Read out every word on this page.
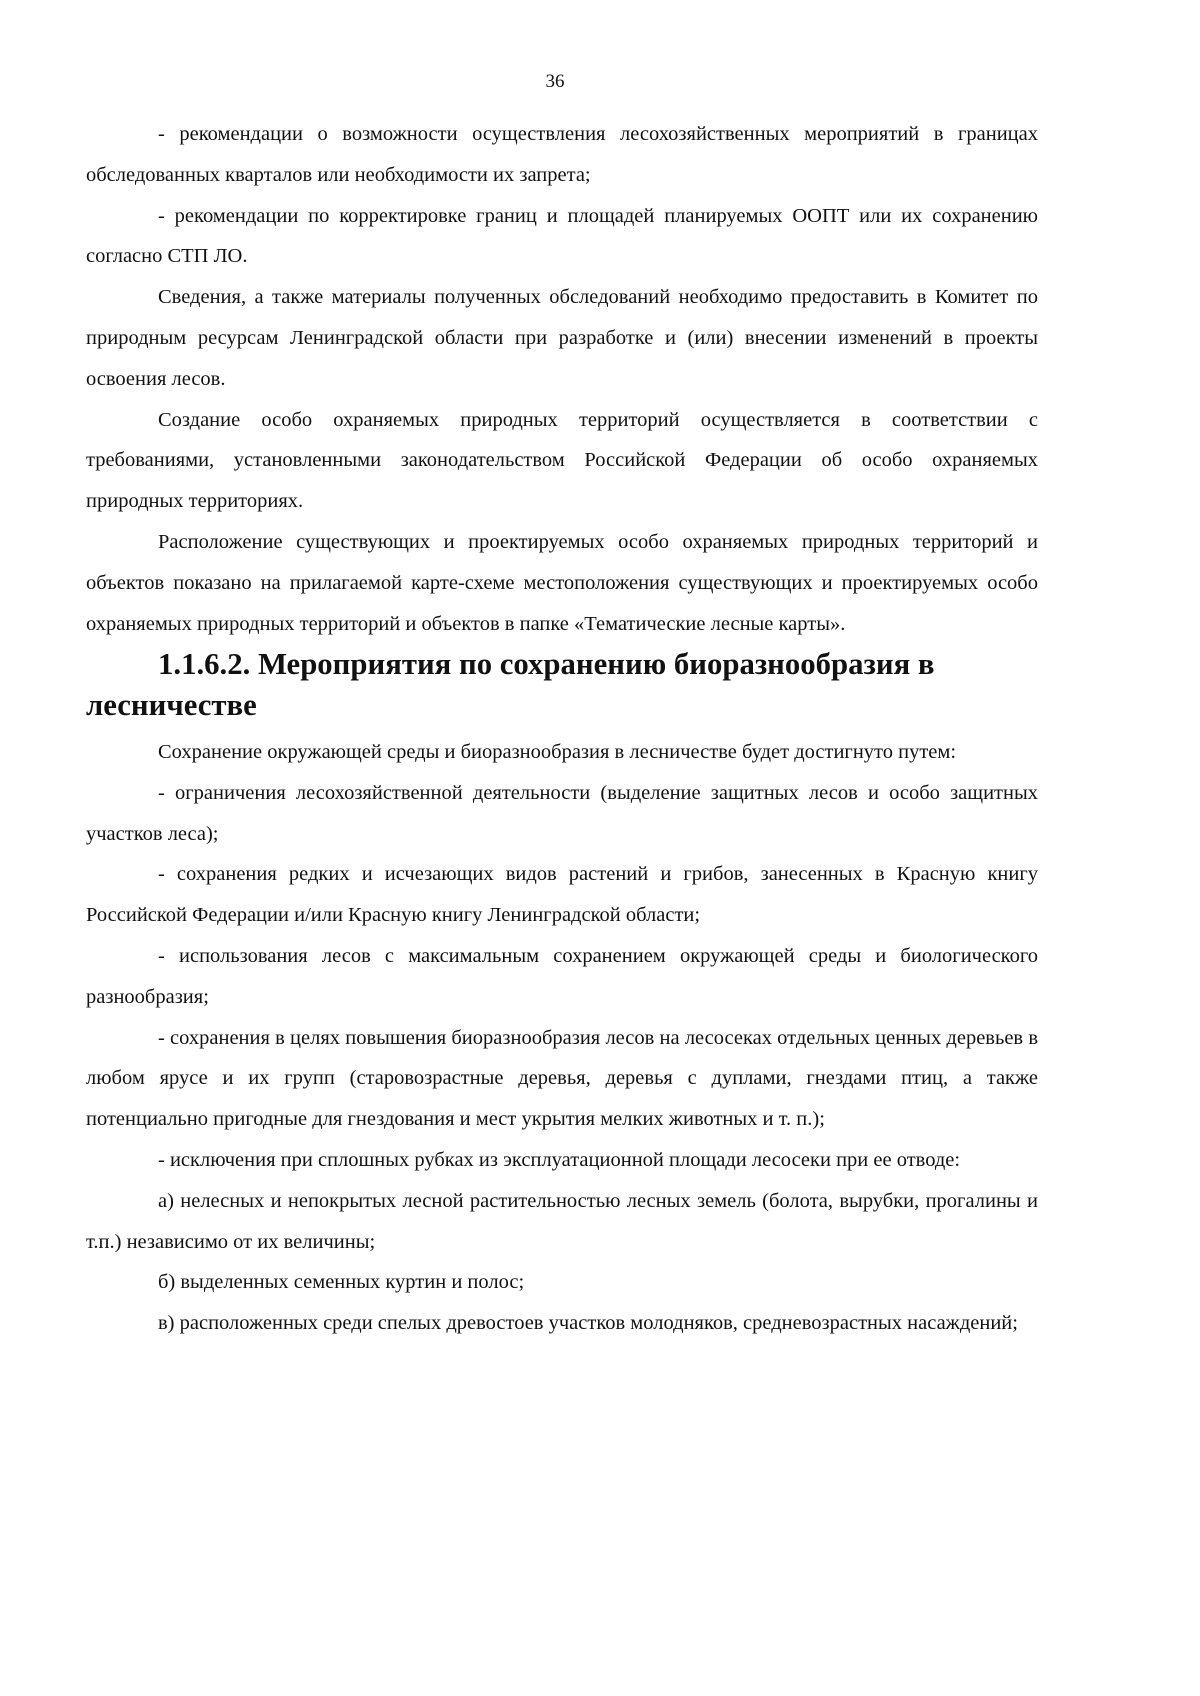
36

- рекомендации о возможности осуществления лесохозяйственных мероприятий в границах обследованных кварталов или необходимости их запрета;

- рекомендации по корректировке границ и площадей планируемых ООПТ или их сохранению согласно СТП ЛО.

Сведения, а также материалы полученных обследований необходимо предоставить в Комитет по природным ресурсам Ленинградской области при разработке и (или) внесении изменений в проекты освоения лесов.

Создание особо охраняемых природных территорий осуществляется в соответствии с требованиями, установленными законодательством Российской Федерации об особо охраняемых природных территориях.

Расположение существующих и проектируемых особо охраняемых природных территорий и объектов показано на прилагаемой карте-схеме местоположения существующих и проектируемых особо охраняемых природных территорий и объектов в папке «Тематические лесные карты».

1.1.6.2. Мероприятия по сохранению биоразнообразия в лесничестве

Сохранение окружающей среды и биоразнообразия в лесничестве будет достигнуто путем:

- ограничения лесохозяйственной деятельности (выделение защитных лесов и особо защитных участков леса);

- сохранения редких и исчезающих видов растений и грибов, занесенных в Красную книгу Российской Федерации и/или Красную книгу Ленинградской области;

- использования лесов с максимальным сохранением окружающей среды и биологического разнообразия;

- сохранения в целях повышения биоразнообразия лесов на лесосеках отдельных ценных деревьев в любом ярусе и их групп (старовозрастные деревья, деревья с дуплами, гнездами птиц, а также потенциально пригодные для гнездования и мест укрытия мелких животных и т. п.);

- исключения при сплошных рубках из эксплуатационной площади лесосеки при ее отводе:

а) нелесных и непокрытых лесной растительностью лесных земель (болота, вырубки, прогалины и т.п.) независимо от их величины;

б) выделенных семенных куртин и полос;

в) расположенных среди спелых древостоев участков молодняков, средневозрастных насаждений;
